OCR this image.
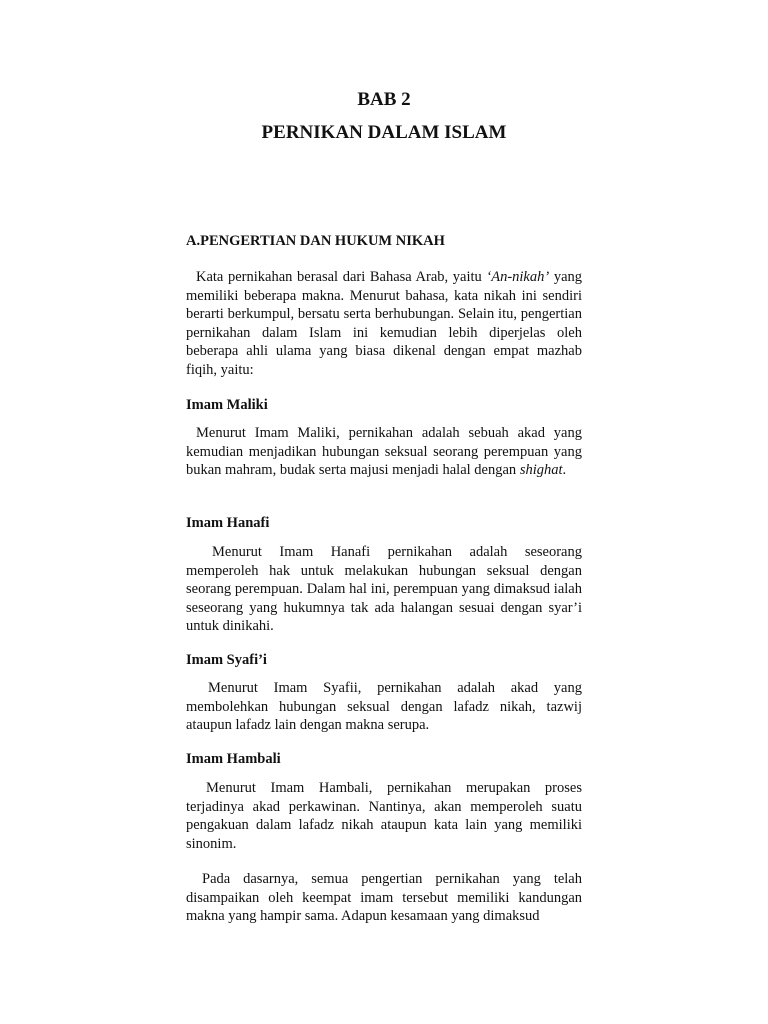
BAB 2
PERNIKAN DALAM ISLAM
A.PENGERTIAN DAN HUKUM NIKAH

Kata pernikahan berasal dari Bahasa Arab, yaitu ‘An-nikah’ yang memiliki beberapa makna. Menurut bahasa, kata nikah ini sendiri berarti berkumpul, bersatu serta berhubungan. Selain itu, pengertian pernikahan dalam Islam ini kemudian lebih diperjelas oleh beberapa ahli ulama yang biasa dikenal dengan empat mazhab fiqih, yaitu:

Imam Maliki

Menurut Imam Maliki, pernikahan adalah sebuah akad yang kemudian menjadikan hubungan seksual seorang perempuan yang bukan mahram, budak serta majusi menjadi halal dengan shighat.

Imam Hanafi

Menurut Imam Hanafi pernikahan adalah seseorang memperoleh hak untuk melakukan hubungan seksual dengan seorang perempuan. Dalam hal ini, perempuan yang dimaksud ialah seseorang yang hukumnya tak ada halangan sesuai dengan syar’i untuk dinikahi.

Imam Syafi’i

Menurut Imam Syafii, pernikahan adalah akad yang membolehkan hubungan seksual dengan lafadz nikah, tazwij ataupun lafadz lain dengan makna serupa.

Imam Hambali

Menurut Imam Hambali, pernikahan merupakan proses terjadinya akad perkawinan. Nantinya, akan memperoleh suatu pengakuan dalam lafadz nikah ataupun kata lain yang memiliki sinonim.

Pada dasarnya, semua pengertian pernikahan yang telah disampaikan oleh keempat imam tersebut memiliki kandungan makna yang hampir sama. Adapun kesamaan yang dimaksud
